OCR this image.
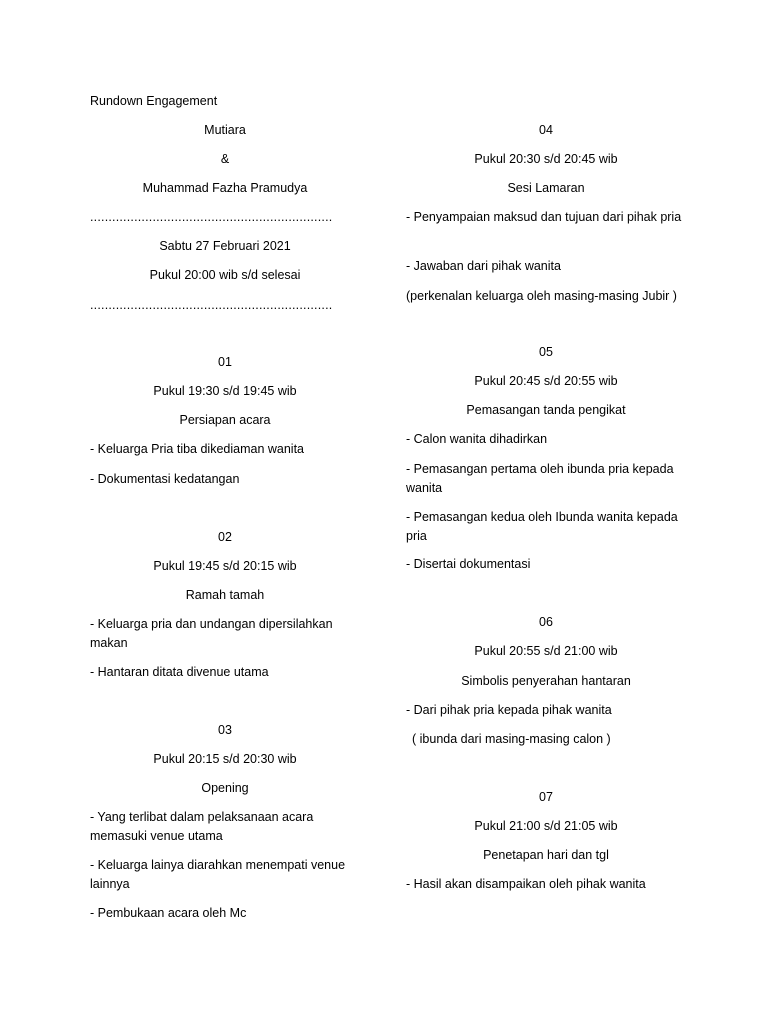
Rundown Engagement
Mutiara
&
Muhammad Fazha Pramudya
..................................................................
Sabtu 27 Februari 2021
Pukul 20:00 wib s/d selesai
..................................................................
01
Pukul 19:30 s/d 19:45 wib
Persiapan acara
- Keluarga Pria tiba dikediaman wanita
- Dokumentasi kedatangan
02
Pukul 19:45 s/d 20:15 wib
Ramah tamah
- Keluarga pria dan undangan dipersilahkan makan
- Hantaran ditata divenue utama
03
Pukul 20:15 s/d 20:30 wib
Opening
- Yang terlibat dalam pelaksanaan acara memasuki venue utama
- Keluarga lainya diarahkan menempati venue lainnya
- Pembukaan acara oleh Mc
04
Pukul 20:30 s/d 20:45 wib
Sesi Lamaran
- Penyampaian maksud dan tujuan dari pihak pria
- Jawaban dari pihak wanita
(perkenalan keluarga oleh masing-masing Jubir )
05
Pukul 20:45 s/d 20:55 wib
Pemasangan tanda pengikat
- Calon wanita dihadirkan
- Pemasangan pertama oleh ibunda pria kepada wanita
- Pemasangan kedua oleh Ibunda wanita kepada pria
- Disertai dokumentasi
06
Pukul 20:55 s/d 21:00 wib
Simbolis penyerahan hantaran
- Dari pihak pria kepada pihak wanita
( ibunda dari masing-masing calon )
07
Pukul 21:00 s/d 21:05 wib
Penetapan hari dan tgl
- Hasil akan disampaikan oleh pihak wanita
